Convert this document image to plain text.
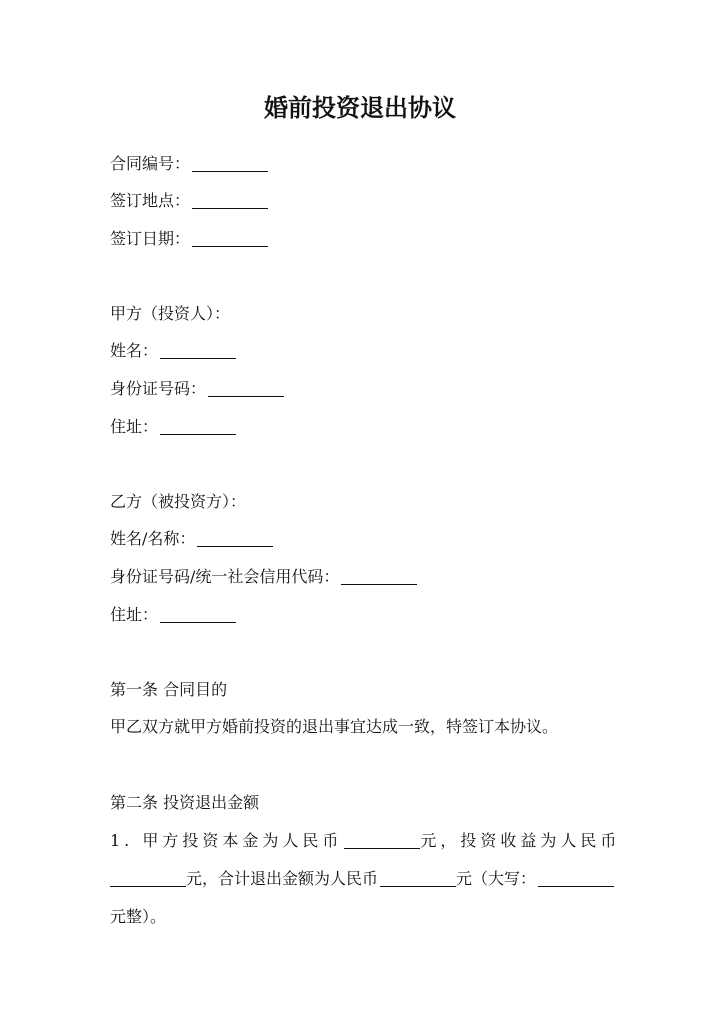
婚前投资退出协议
合同编号：
签订地点：
签订日期：
甲方（投资人）：
姓名：
身份证号码：
住址：
乙方（被投资方）：
姓名/名称：
身份证号码/统一社会信用代码：
住址：
第一条 合同目的
甲乙双方就甲方婚前投资的退出事宜达成一致，特签订本协议。
第二条 投资退出金额
1. 甲方投资本金为人民币	元，投资收益为人民币
元，合计退出金额为人民币	元（大写：
元整）。
